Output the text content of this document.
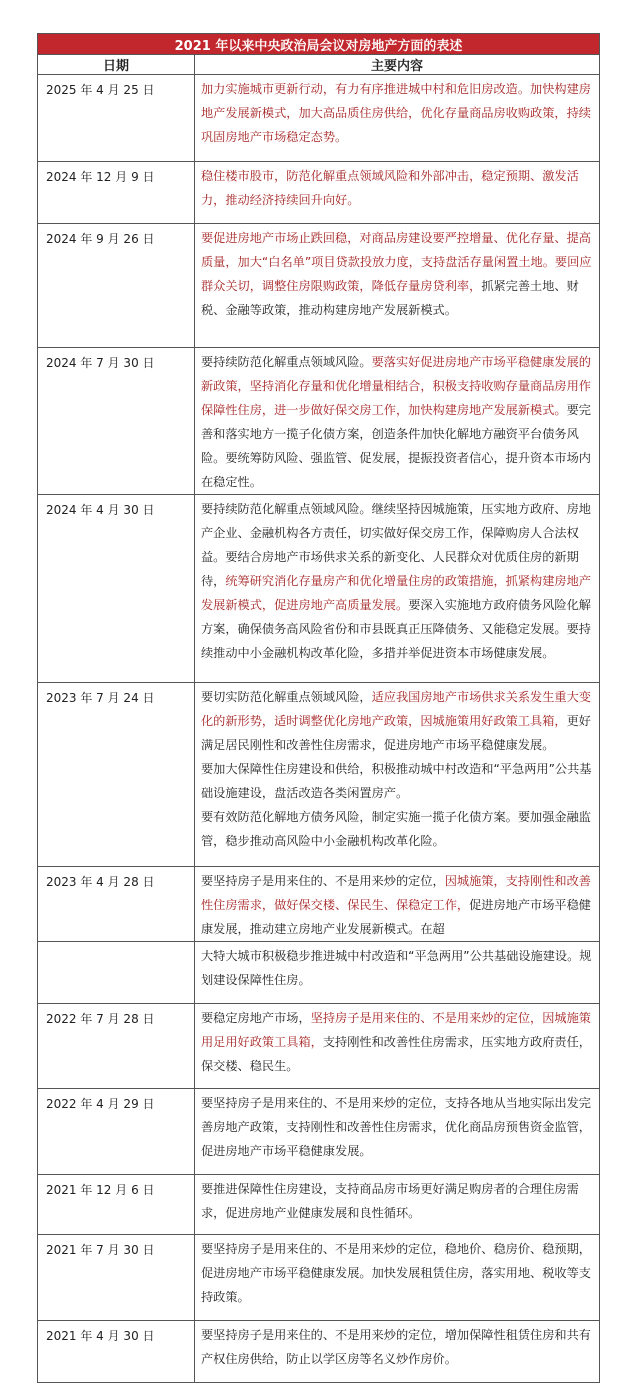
2021 年以来中央政治局会议对房地产方面的表述	
日期	主要内容
2025 年 4 月 25 日	加力实施城市更新行动，有力有序推进城中村和危旧房改造。加快构建房地产发展新模式，加大高品质住房供给，优化存量商品房收购政策，持续巩固房地产市场稳定态势。
2024 年 12 月 9 日	稳住楼市股市，防范化解重点领域风险和外部冲击，稳定预期、激发活力，推动经济持续回升向好。
2024 年 9 月 26 日	要促进房地产市场止跌回稳，对商品房建设要严控增量、优化存量、提高质量，加大“白名单”项目贷款投放力度，支持盘活存量闲置土地。要回应群众关切，调整住房限购政策，降低存量房贷利率，抓紧完善土地、财税、金融等政策，推动构建房地产发展新模式。
2024 年 7 月 30 日	要持续防范化解重点领域风险。要落实好促进房地产市场平稳健康发展的新政策，坚持消化存量和优化增量相结合，积极支持收购存量商品房用作保障性住房，进一步做好保交房工作，加快构建房地产发展新模式。要完善和落实地方一揽子化债方案，创造条件加快化解地方融资平台债务风险。要统筹防风险、强监管、促发展，提振投资者信心，提升资本市场内在稳定性。
2024 年 4 月 30 日	要持续防范化解重点领域风险。继续坚持因城施策，压实地方政府、房地产企业、金融机构各方责任，切实做好保交房工作，保障购房人合法权益。要结合房地产市场供求关系的新变化、人民群众对优质住房的新期待，统筹研究消化存量房产和优化增量住房的政策措施，抓紧构建房地产发展新模式，促进房地产高质量发展。要深入实施地方政府债务风险化解方案，确保债务高风险省份和市县既真正压降债务、又能稳定发展。要持续推动中小金融机构改革化险，多措并举促进资本市场健康发展。
2023 年 7 月 24 日	要切实防范化解重点领域风险，适应我国房地产市场供求关系发生重大变化的新形势，适时调整优化房地产政策，因城施策用好政策工具箱，更好满足居民刚性和改善性住房需求，促进房地产市场平稳健康发展。
要加大保障性住房建设和供给，积极推动城中村改造和“平急两用”公共基础设施建设，盘活改造各类闲置房产。
要有效防范化解地方债务风险，制定实施一揽子化债方案。要加强金融监管，稳步推动高风险中小金融机构改革化险。
2023 年 4 月 28 日	要坚持房子是用来住的、不是用来炒的定位，因城施策，支持刚性和改善性住房需求，做好保交楼、保民生、保稳定工作，促进房地产市场平稳健康发展，推动建立房地产业发展新模式。在超
	大特大城市积极稳步推进城中村改造和“平急两用”公共基础设施建设。规划建设保障性住房。
2022 年 7 月 28 日	要稳定房地产市场，坚持房子是用来住的、不是用来炒的定位，因城施策用足用好政策工具箱，支持刚性和改善性住房需求，压实地方政府责任，保交楼、稳民生。
2022 年 4 月 29 日	要坚持房子是用来住的、不是用来炒的定位，支持各地从当地实际出发完善房地产政策，支持刚性和改善性住房需求，优化商品房预售资金监管，促进房地产市场平稳健康发展。
2021 年 12 月 6 日	要推进保障性住房建设，支持商品房市场更好满足购房者的合理住房需求，促进房地产业健康发展和良性循环。
2021 年 7 月 30 日	要坚持房子是用来住的、不是用来炒的定位，稳地价、稳房价、稳预期，促进房地产市场平稳健康发展。加快发展租赁住房，落实用地、税收等支持政策。
2021 年 4 月 30 日	要坚持房子是用来住的、不是用来炒的定位，增加保障性租赁住房和共有产权住房供给，防止以学区房等名义炒作房价。
